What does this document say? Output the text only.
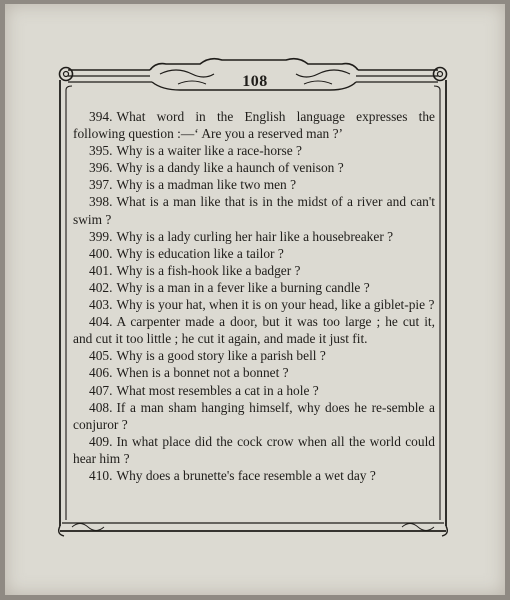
108
394. What word in the English language expresses the following question :—‘ Are you a reserved man ?’
395. Why is a waiter like a race-horse ?
396. Why is a dandy like a haunch of venison ?
397. Why is a madman like two men ?
398. What is a man like that is in the midst of a river and can't swim ?
399. Why is a lady curling her hair like a housebreaker ?
400. Why is education like a tailor ?
401. Why is a fish-hook like a badger ?
402. Why is a man in a fever like a burning candle ?
403. Why is your hat, when it is on your head, like a giblet-pie ?
404. A carpenter made a door, but it was too large ; he cut it, and cut it too little ; he cut it again, and made it just fit.
405. Why is a good story like a parish bell ?
406. When is a bonnet not a bonnet ?
407. What most resembles a cat in a hole ?
408. If a man sham hanging himself, why does he re-semble a conjuror ?
409. In what place did the cock crow when all the world could hear him ?
410. Why does a brunette's face resemble a wet day ?
